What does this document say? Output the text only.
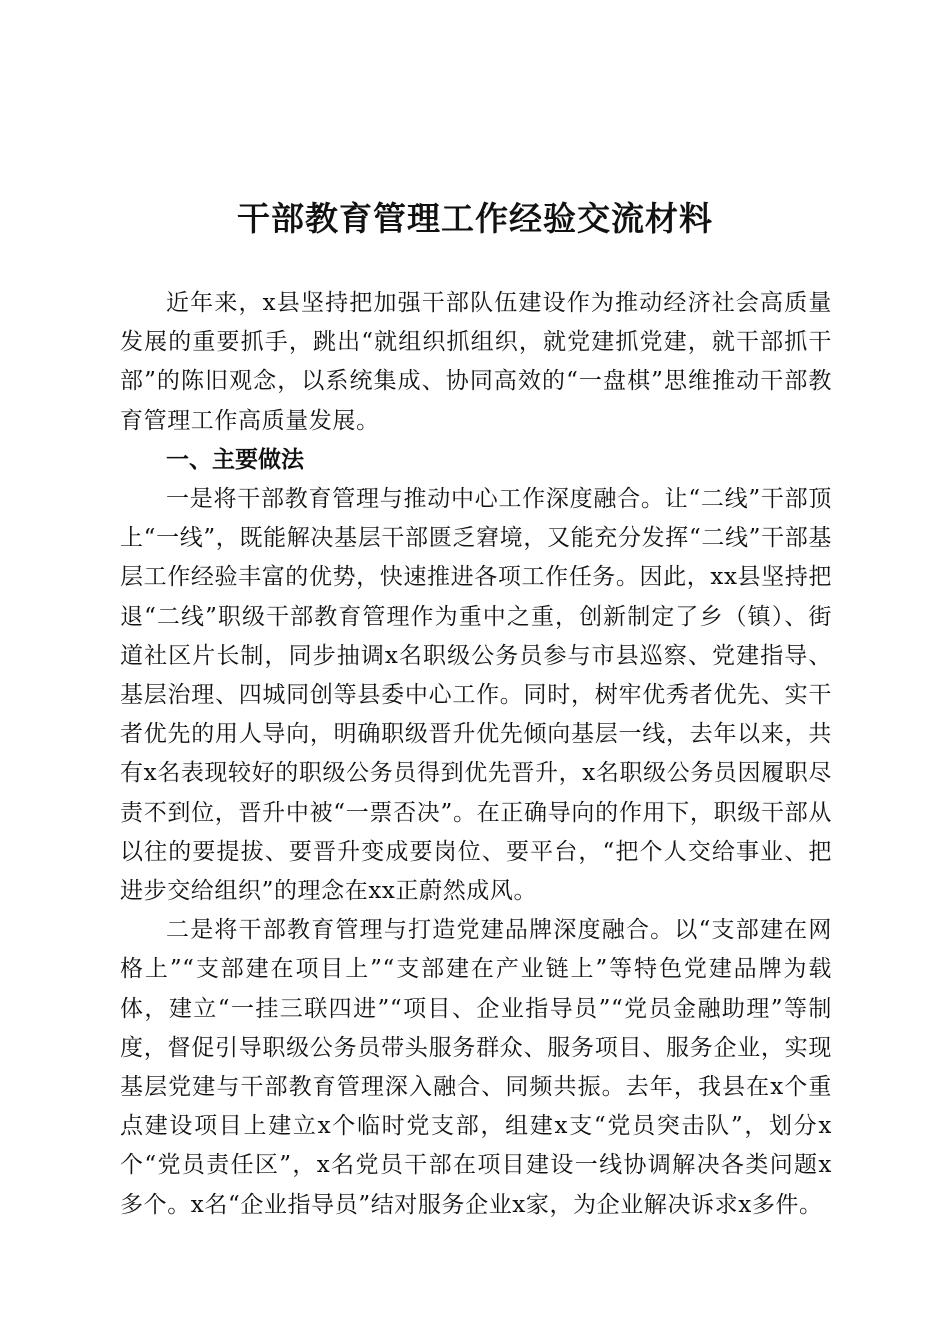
干部教育管理工作经验交流材料

近年来，x县坚持把加强干部队伍建设作为推动经济社会高质量发展的重要抓手，跳出“就组织抓组织，就党建抓党建，就干部抓干部”的陈旧观念，以系统集成、协同高效的“一盘棋”思维推动干部教育管理工作高质量发展。

一、主要做法

一是将干部教育管理与推动中心工作深度融合。让“二线”干部顶上“一线”，既能解决基层干部匮乏窘境，又能充分发挥“二线”干部基层工作经验丰富的优势，快速推进各项工作任务。因此，xx县坚持把退“二线”职级干部教育管理作为重中之重，创新制定了乡（镇）、街道社区片长制，同步抽调x名职级公务员参与市县巡察、党建指导、基层治理、四城同创等县委中心工作。同时，树牢优秀者优先、实干者优先的用人导向，明确职级晋升优先倾向基层一线，去年以来，共有x名表现较好的职级公务员得到优先晋升，x名职级公务员因履职尽责不到位，晋升中被“一票否决”。在正确导向的作用下，职级干部从以往的要提拔、要晋升变成要岗位、要平台，“把个人交给事业、把进步交给组织”的理念在xx正蔚然成风。

二是将干部教育管理与打造党建品牌深度融合。以“支部建在网格上”“支部建在项目上”“支部建在产业链上”等特色党建品牌为载体，建立“一挂三联四进”“项目、企业指导员”“党员金融助理”等制度，督促引导职级公务员带头服务群众、服务项目、服务企业，实现基层党建与干部教育管理深入融合、同频共振。去年，我县在x个重点建设项目上建立x个临时党支部，组建x支“党员突击队”，划分x个“党员责任区”，x名党员干部在项目建设一线协调解决各类问题x多个。x名“企业指导员”结对服务企业x家，为企业解决诉求x多件。
